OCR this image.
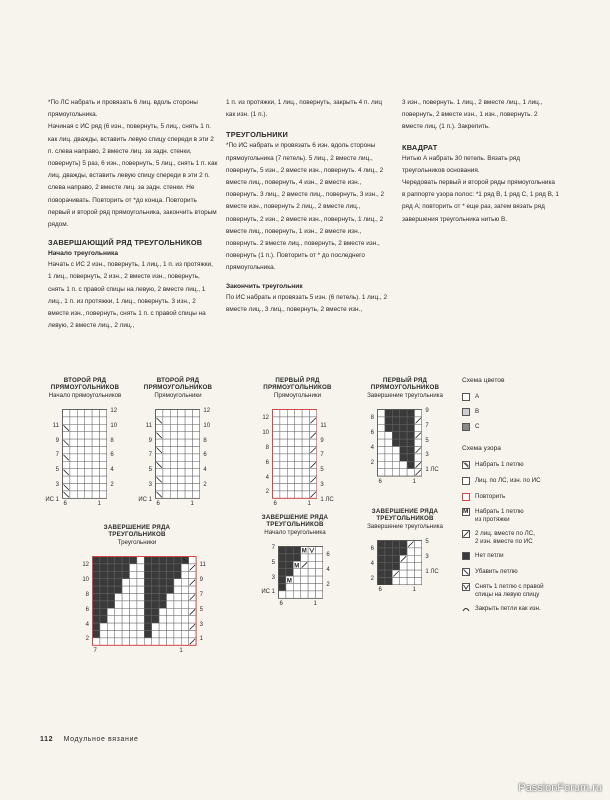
*По ЛС набрать и провязать 6 лиц. вдоль стороны прямоугольника.

Начиная с ИС ряд (6 изн., повернуть, 5 лиц., снять 1 п. как лиц. дважды, вставить левую спицу спереди в эти 2 п. слева направо, 2 вместе лиц. за задн. стенки, повернуть) 5 раз, 6 изн., повернуть, 5 лиц., снять 1 п. как лиц. дважды, вставить левую спицу спереди в эти 2 п. слева направо, 2 вместе лиц. за задн. стенки. Не поворачивать. Повторить от *до конца. Повторить первый и второй ряд прямоугольника, закончить вторым рядом.

ЗАВЕРШАЮЩИЙ РЯД ТРЕУГОЛЬНИКОВ

Начало треугольника

Начать с ИС 2 изн., повернуть, 1 лиц., 1 п. из протяжки, 1 лиц., повернуть, 2 изн., 2 вместе изн., повернуть, снять 1 п. с правой спицы на левую, 2 вместе лиц., 1 лиц., 1 п. из протяжки, 1 лиц., повернуть. 3 изн., 2 вместе изн., повернуть, снять 1 п. с правой спицы на левую, 2 вместе лиц., 2 лиц.,

1 п. из протяжки, 1 лиц., повернуть, закрыть 4 п. лиц как изн. (1 п.).

ТРЕУГОЛЬНИКИ

*По ИС набрать и провязать 6 изн. вдоль стороны прямоугольника (7 петель). 5 лиц., 2 вместе лиц., повернуть, 5 изн., 2 вместе изн., повернуть. 4 лиц., 2 вместе лиц., повернуть, 4 изн., 2 вместе изн., повернуть. 3 лиц., 2 вместе лиц., повернуть, 3 изн., 2 вместе изн., повернуть 2 лиц., 2 вместе лиц., повернуть, 2 изн., 2 вместе изн., повернуть, 1 лиц., 2 вместе лиц., повернуть, 1 изн., 2 вместе изн., повернуть. 2 вместе лиц., повернуть, 2 вместе изн., повернуть (1 п.). Повторить от * до последнего прямоугольника.

Закончить треугольник

По ИС набрать и провязать 5 изн. (6 петель). 1 лиц., 2 вместе лиц., 3 лиц., повернуть, 2 вместе изн.,

3 изн., повернуть. 1 лиц., 2 вместе лиц., 1 лиц., повернуть, 2 вместе изн., 1 изн., повернуть. 2 вместе лиц. (1 п.). Закрепить.

КВАДРАТ

Нитью А набрать 30 петель. Вязать ряд треугольников основания.

Чередовать первый и второй ряды прямоугольника в раппорте узора полос: *1 ряд В, 1 ряд С, 1 ряд В, 1 ряд А; повторить от * еще раз, затем вязать ряд завершения треугольника нитью В.

ВТОРОЙ РЯД
ПРЯМОУГОЛЬНИКОВ
Начало прямоугольников
11
9
7
5
3
ИС 1
12
10
8
6
4
2
6	1
ВТОРОЙ РЯД
ПРЯМОУГОЛЬНИКОВ
Прямоугольники
11
9
7
5
3
ИС 1
12
10
8
6
4
2
6	1
ПЕРВЫЙ РЯД
ПРЯМОУГОЛЬНИКОВ
Прямоугольники
12
10
8
6
4
2
11
9
7
5
3
1 ЛС
6	1
ПЕРВЫЙ РЯД
ПРЯМОУГОЛЬНИКОВ
Завершение треугольника
8
6
4
2
9
7
5
3
1 ЛС
6	1
ЗАВЕРШЕНИЕ РЯДА
ТРЕУГОЛЬНИКОВ
Треугольники
12
10
8
6
4
2
11
9
7
5
3
1
7	1
ЗАВЕРШЕНИЕ РЯДА
ТРЕУГОЛЬНИКОВ
Начало треугольника
M
M
M
7
5
3
ИС 1
6
4
2
6	1
ЗАВЕРШЕНИЕ РЯДА
ТРЕУГОЛЬНИКОВ
Завершение треугольника
6
4
2
5
3
1 ЛС
6	1
Схема цветов
A
B
C
Схема узора
Набрать 1 петлю
Лиц. по ЛС, изн. по ИС
Повторить
M Набрать 1 петлю
из протяжки
2 лиц. вместе по ЛС,
2 изн. вместе по ИС
Нет петли
Убавить петлю
Снять 1 петлю с правой
спицы на левую спицу
Закрыть петли как изн.
112 Модульное вязание
PassionForum.ru
